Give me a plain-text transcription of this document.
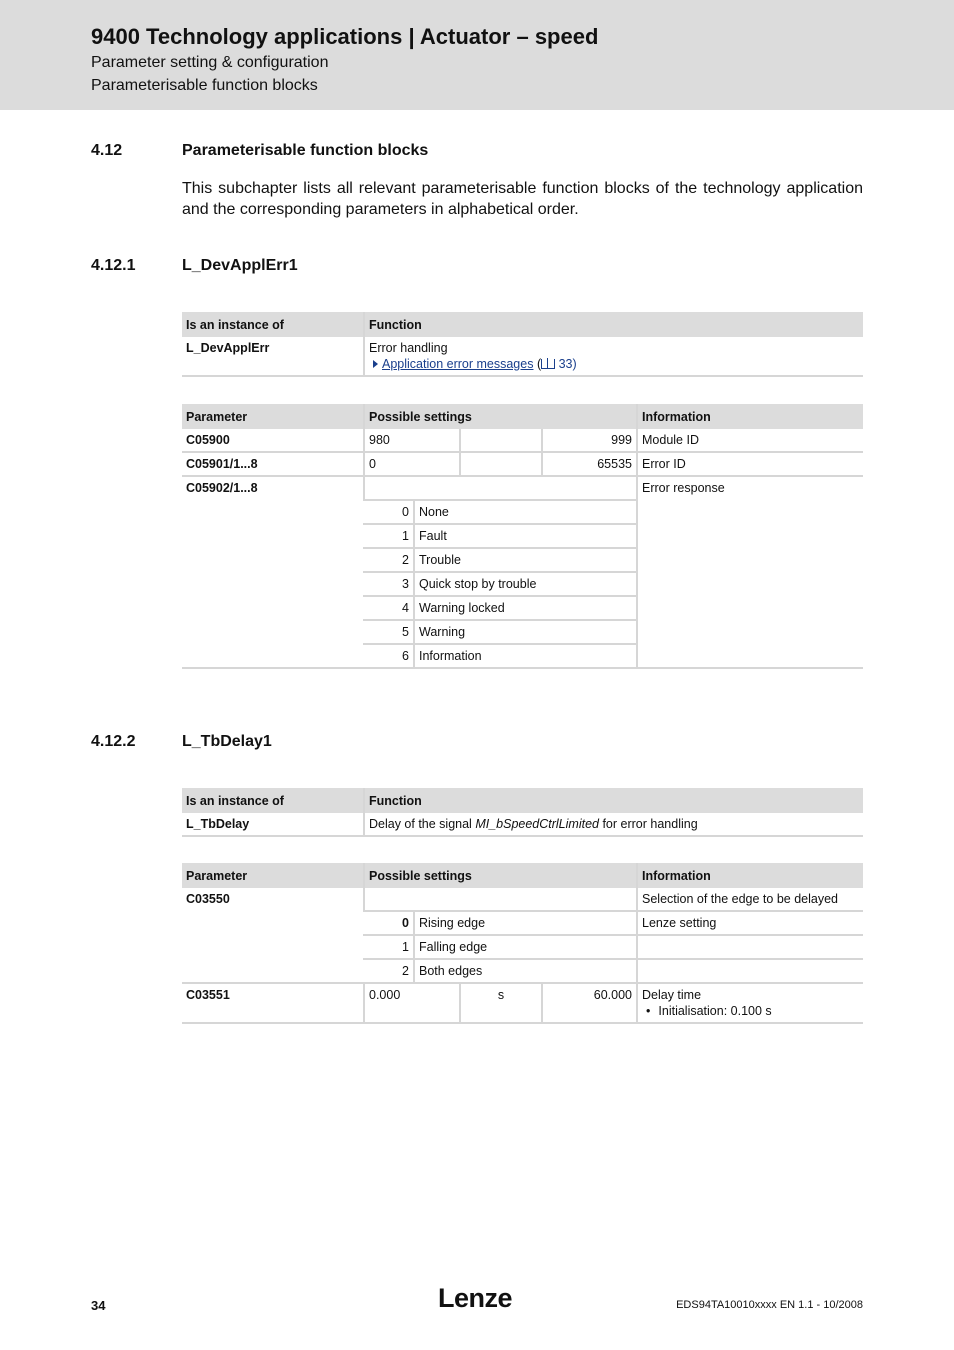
9400 Technology applications | Actuator – speed
Parameter setting & configuration
Parameterisable function blocks
4.12	Parameterisable function blocks
This subchapter lists all relevant parameterisable function blocks of the technology application and the corresponding parameters in alphabetical order.
4.12.1	L_DevApplErr1
Is an instance of	Function
L_DevApplErr	Error handling
Application error messages ( 33)
Parameter	Possible settings				Information
C05900	980			999	Module ID
C05901/1...8	0			65535	Error ID
C05902/1...8					Error response
	0	None			
	1	Fault			
	2	Trouble			
	3	Quick stop by trouble			
	4	Warning locked			
	5	Warning			
	6	Information			
4.12.2	L_TbDelay1
Is an instance of	Function
L_TbDelay	Delay of the signal MI_bSpeedCtrlLimited for error handling
Parameter	Possible settings				Information
C03550					Selection of the edge to be delayed
	0	Rising edge			Lenze setting
	1	Falling edge			
	2	Both edges			
C03551	0.000		s	60.000	Delay time
• Initialisation: 0.100 s
34	Lenze	EDS94TA10010xxxx EN 1.1 - 10/2008
